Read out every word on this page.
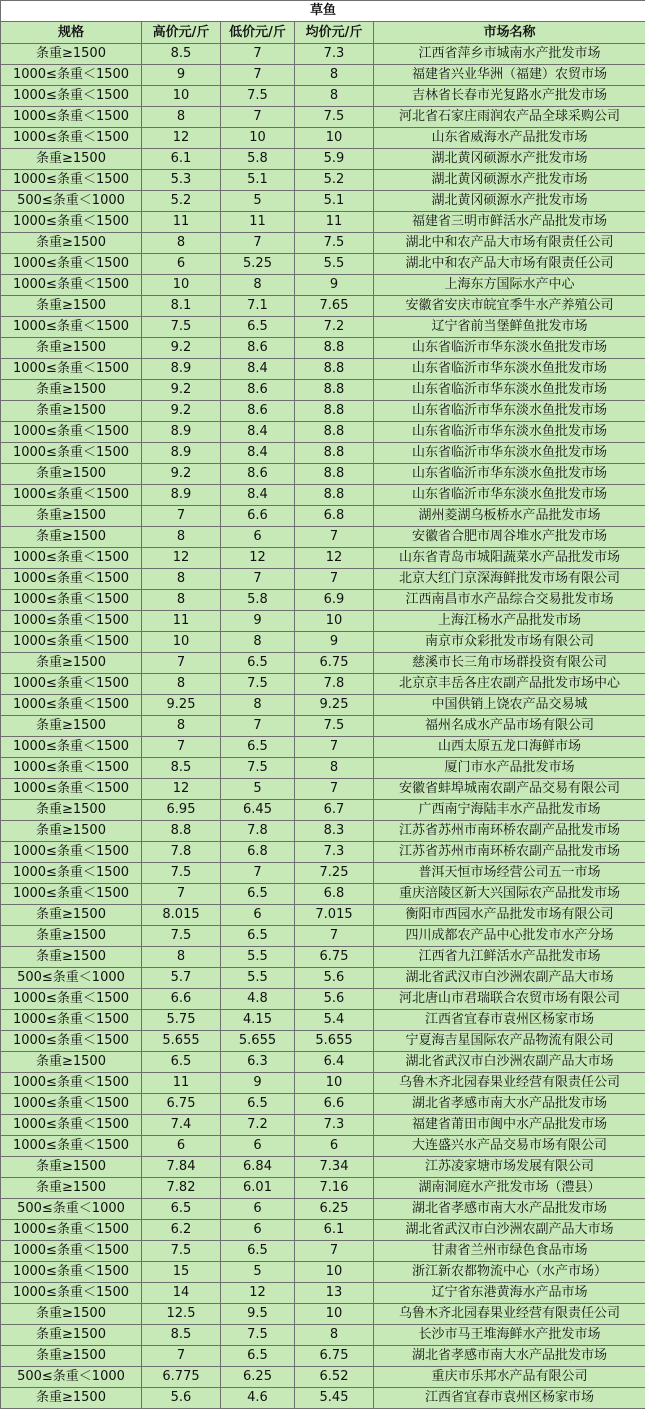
草鱼				
规格	高价元/斤	低价元/斤	均价元/斤	市场名称
条重≥1500	8.5	7	7.3	江西省萍乡市城南水产批发市场
1000≤条重＜1500	9	7	8	福建省兴业华洲（福建）农贸市场
1000≤条重＜1500	10	7.5	8	吉林省长春市光复路水产批发市场
1000≤条重＜1500	8	7	7.5	河北省石家庄雨润农产品全球采购公司
1000≤条重＜1500	12	10	10	山东省威海水产品批发市场
条重≥1500	6.1	5.8	5.9	湖北黄冈硕源水产批发市场
1000≤条重＜1500	5.3	5.1	5.2	湖北黄冈硕源水产批发市场
500≤条重＜1000	5.2	5	5.1	湖北黄冈硕源水产批发市场
1000≤条重＜1500	11	11	11	福建省三明市鲜活水产品批发市场
条重≥1500	8	7	7.5	湖北中和农产品大市场有限责任公司
1000≤条重＜1500	6	5.25	5.5	湖北中和农产品大市场有限责任公司
1000≤条重＜1500	10	8	9	上海东方国际水产中心
条重≥1500	8.1	7.1	7.65	安徽省安庆市皖宜季牛水产养殖公司
1000≤条重＜1500	7.5	6.5	7.2	辽宁省前当堡鲜鱼批发市场
条重≥1500	9.2	8.6	8.8	山东省临沂市华东淡水鱼批发市场
1000≤条重＜1500	8.9	8.4	8.8	山东省临沂市华东淡水鱼批发市场
条重≥1500	9.2	8.6	8.8	山东省临沂市华东淡水鱼批发市场
条重≥1500	9.2	8.6	8.8	山东省临沂市华东淡水鱼批发市场
1000≤条重＜1500	8.9	8.4	8.8	山东省临沂市华东淡水鱼批发市场
1000≤条重＜1500	8.9	8.4	8.8	山东省临沂市华东淡水鱼批发市场
条重≥1500	9.2	8.6	8.8	山东省临沂市华东淡水鱼批发市场
1000≤条重＜1500	8.9	8.4	8.8	山东省临沂市华东淡水鱼批发市场
条重≥1500	7	6.6	6.8	湖州菱湖乌板桥水产品批发市场
条重≥1500	8	6	7	安徽省合肥市周谷堆水产批发市场
1000≤条重＜1500	12	12	12	山东省青岛市城阳蔬菜水产品批发市场
1000≤条重＜1500	8	7	7	北京大红门京深海鲜批发市场有限公司
1000≤条重＜1500	8	5.8	6.9	江西南昌市水产品综合交易批发市场
1000≤条重＜1500	11	9	10	上海江杨水产品批发市场
1000≤条重＜1500	10	8	9	南京市众彩批发市场有限公司
条重≥1500	7	6.5	6.75	慈溪市长三角市场群投资有限公司
1000≤条重＜1500	8	7.5	7.8	北京京丰岳各庄农副产品批发市场中心
1000≤条重＜1500	9.25	8	9.25	中国供销上饶农产品交易城
条重≥1500	8	7	7.5	福州名成水产品市场有限公司
1000≤条重＜1500	7	6.5	7	山西太原五龙口海鲜市场
1000≤条重＜1500	8.5	7.5	8	厦门市水产品批发市场
1000≤条重＜1500	12	5	7	安徽省蚌埠城南农副产品交易有限公司
条重≥1500	6.95	6.45	6.7	广西南宁海陆丰水产品批发市场
条重≥1500	8.8	7.8	8.3	江苏省苏州市南环桥农副产品批发市场
1000≤条重＜1500	7.8	6.8	7.3	江苏省苏州市南环桥农副产品批发市场
1000≤条重＜1500	7.5	7	7.25	普洱天恒市场经营公司五一市场
1000≤条重＜1500	7	6.5	6.8	重庆涪陵区新大兴国际农产品批发市场
条重≥1500	8.015	6	7.015	衡阳市西园水产品批发市场有限公司
条重≥1500	7.5	6.5	7	四川成都农产品中心批发市水产分场
条重≥1500	8	5.5	6.75	江西省九江鲜活水产品批发市场
500≤条重＜1000	5.7	5.5	5.6	湖北省武汉市白沙洲农副产品大市场
1000≤条重＜1500	6.6	4.8	5.6	河北唐山市君瑞联合农贸市场有限公司
1000≤条重＜1500	5.75	4.15	5.4	江西省宜春市袁州区杨家市场
1000≤条重＜1500	5.655	5.655	5.655	宁夏海吉星国际农产品物流有限公司
条重≥1500	6.5	6.3	6.4	湖北省武汉市白沙洲农副产品大市场
1000≤条重＜1500	11	9	10	乌鲁木齐北园春果业经营有限责任公司
1000≤条重＜1500	6.75	6.5	6.6	湖北省孝感市南大水产品批发市场
1000≤条重＜1500	7.4	7.2	7.3	福建省莆田市闽中水产品批发市场
1000≤条重＜1500	6	6	6	大连盛兴水产品交易市场有限公司
条重≥1500	7.84	6.84	7.34	江苏凌家塘市场发展有限公司
条重≥1500	7.82	6.01	7.16	湖南洞庭水产批发市场（澧县）
500≤条重＜1000	6.5	6	6.25	湖北省孝感市南大水产品批发市场
1000≤条重＜1500	6.2	6	6.1	湖北省武汉市白沙洲农副产品大市场
1000≤条重＜1500	7.5	6.5	7	甘肃省兰州市绿色食品市场
1000≤条重＜1500	15	5	10	浙江新农都物流中心（水产市场）
1000≤条重＜1500	14	12	13	辽宁省东港黄海水产品市场
条重≥1500	12.5	9.5	10	乌鲁木齐北园春果业经营有限责任公司
条重≥1500	8.5	7.5	8	长沙市马王堆海鲜水产批发市场
条重≥1500	7	6.5	6.75	湖北省孝感市南大水产品批发市场
500≤条重＜1000	6.775	6.25	6.52	重庆市乐邦水产品有限公司
条重≥1500	5.6	4.6	5.45	江西省宜春市袁州区杨家市场
